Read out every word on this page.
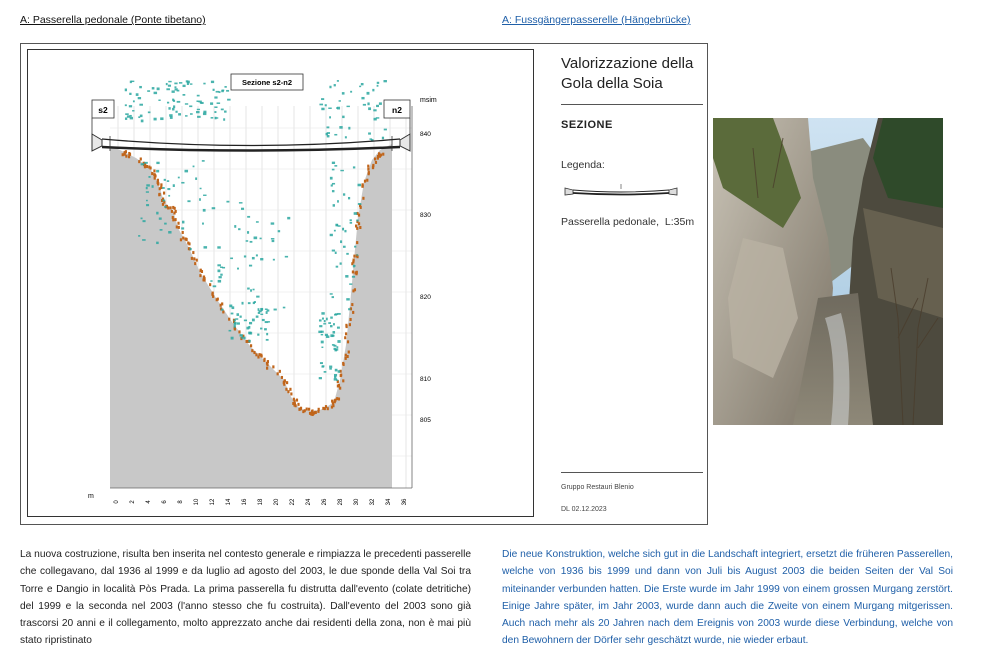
A: Passerella pedonale (Ponte tibetano)	A: Fussgängerpasserelle (Hängebrücke)
Sezione s2-n2
s2	n2
msim
840
830
820
810
805
m
0 2 4 6 8 10 12 14 16 18 20 22 24 26 28 30 32 34 36
Valorizzazione della Gola della Soia
SEZIONE
Legenda:
Passerella pedonale,  L:35m
Gruppo Restauri Blenio
DL 02.12.2023
La nuova costruzione, risulta ben inserita nel contesto generale e rimpiazza le precedenti passerelle che collegavano, dal 1936 al 1999 e da luglio ad agosto del 2003, le due sponde della Val Soi tra Torre e Dangio in località Pòs Prada. La prima passerella fu distrutta dall'evento (colate detritiche) del 1999 e la seconda nel 2003 (l'anno stesso che fu costruita). Dall'evento del 2003 sono già trascorsi 20 anni e il collegamento, molto apprezzato anche dai residenti della zona, non è mai più stato ripristinato
Die neue Konstruktion, welche sich gut in die Landschaft integriert, ersetzt die früheren Passerellen, welche von 1936 bis 1999 und dann von Juli bis August 2003 die beiden Seiten der Val Soi miteinander verbunden hatten. Die Erste wurde im Jahr 1999 von einem grossen Murgang zerstört. Einige Jahre später, im Jahr 2003, wurde dann auch die Zweite von einem Murgang mitgerissen. Auch nach mehr als 20 Jahren nach dem Ereignis von 2003 wurde diese Verbindung, welche von den Bewohnern der Dörfer sehr geschätzt wurde, nie wieder erbaut.
